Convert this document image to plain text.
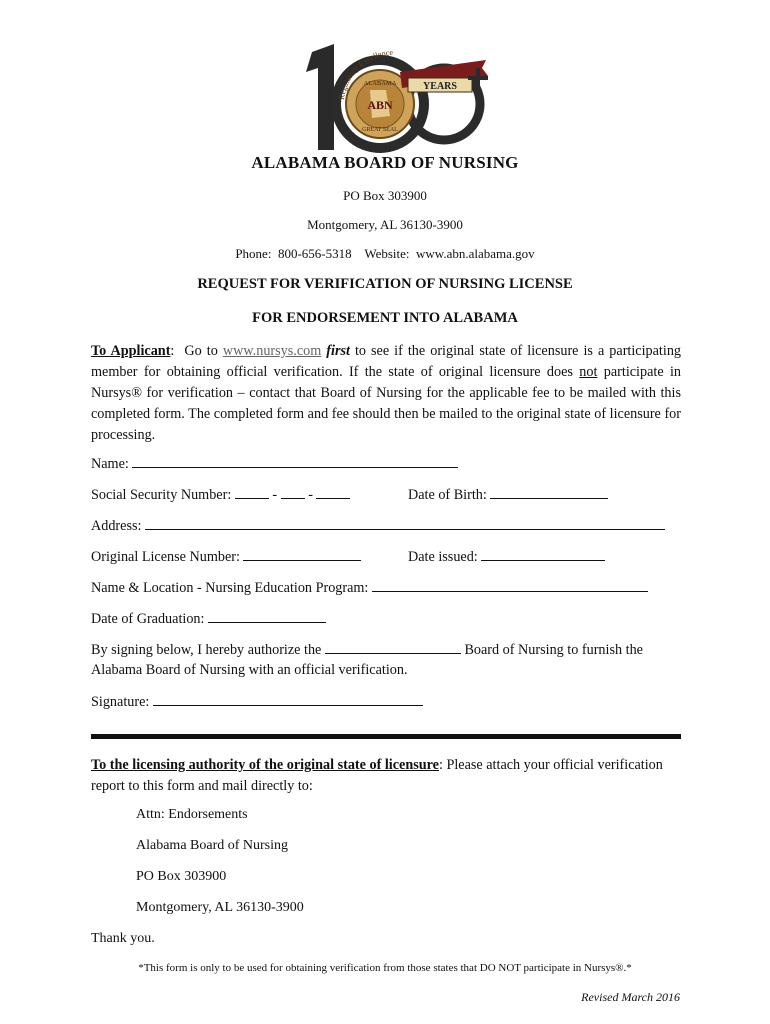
ABN
ALABAMA
GREAT SEAL
Regulatory Excellence
YEARS
ALABAMA BOARD OF NURSING
PO Box 303900
Montgomery, AL 36130-3900
Phone:  800-656-5318    Website:  www.abn.alabama.gov
REQUEST FOR VERIFICATION OF NURSING LICENSE
FOR ENDORSEMENT INTO ALABAMA
To Applicant:  Go to www.nursys.com first to see if the original state of licensure is a participating member for obtaining official verification. If the state of original licensure does not participate in Nursys® for verification – contact that Board of Nursing for the applicable fee to be mailed with this completed form. The completed form and fee should then be mailed to the original state of licensure for processing.
Name:
Social Security Number:	- -	Date of Birth:
Address:
Original License Number:	Date issued:
Name & Location - Nursing Education Program:
Date of Graduation:
By signing below, I hereby authorize the	Board of Nursing to furnish the
Alabama Board of Nursing with an official verification.
Signature:
To the licensing authority of the original state of licensure: Please attach your official verification report to this form and mail directly to:
Attn: Endorsements
Alabama Board of Nursing
PO Box 303900
Montgomery, AL 36130-3900
Thank you.
*This form is only to be used for obtaining verification from those states that DO NOT participate in Nursys®.*
Revised March 2016
